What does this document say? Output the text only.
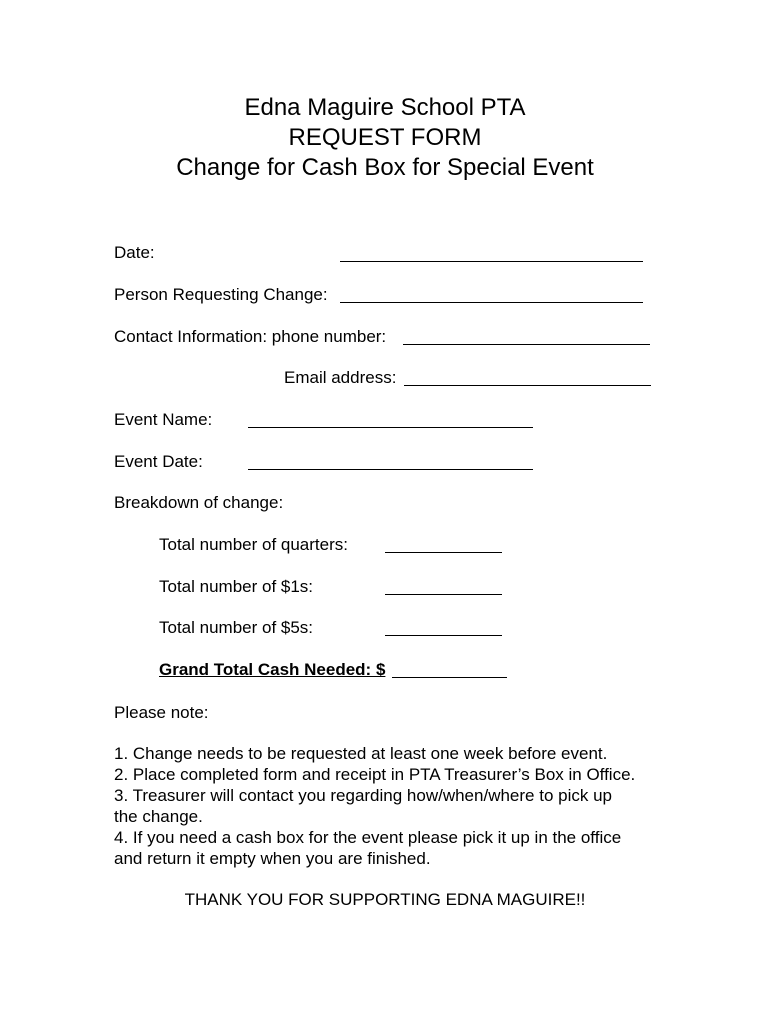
Edna Maguire School PTA
REQUEST FORM
Change for Cash Box for Special Event
Date:
Person Requesting Change:
Contact Information: phone number:
Email address:
Event Name:
Event Date:
Breakdown of change:
Total number of quarters:
Total number of $1s:
Total number of $5s:
Grand Total Cash Needed: $
Please note:
1. Change needs to be requested at least one week before event.
2. Place completed form and receipt in PTA Treasurer’s Box in Office.
3. Treasurer will contact you regarding how/when/where to pick up
the change.
4. If you need a cash box for the event please pick it up in the office
and return it empty when you are finished.
THANK YOU FOR SUPPORTING EDNA MAGUIRE!!
